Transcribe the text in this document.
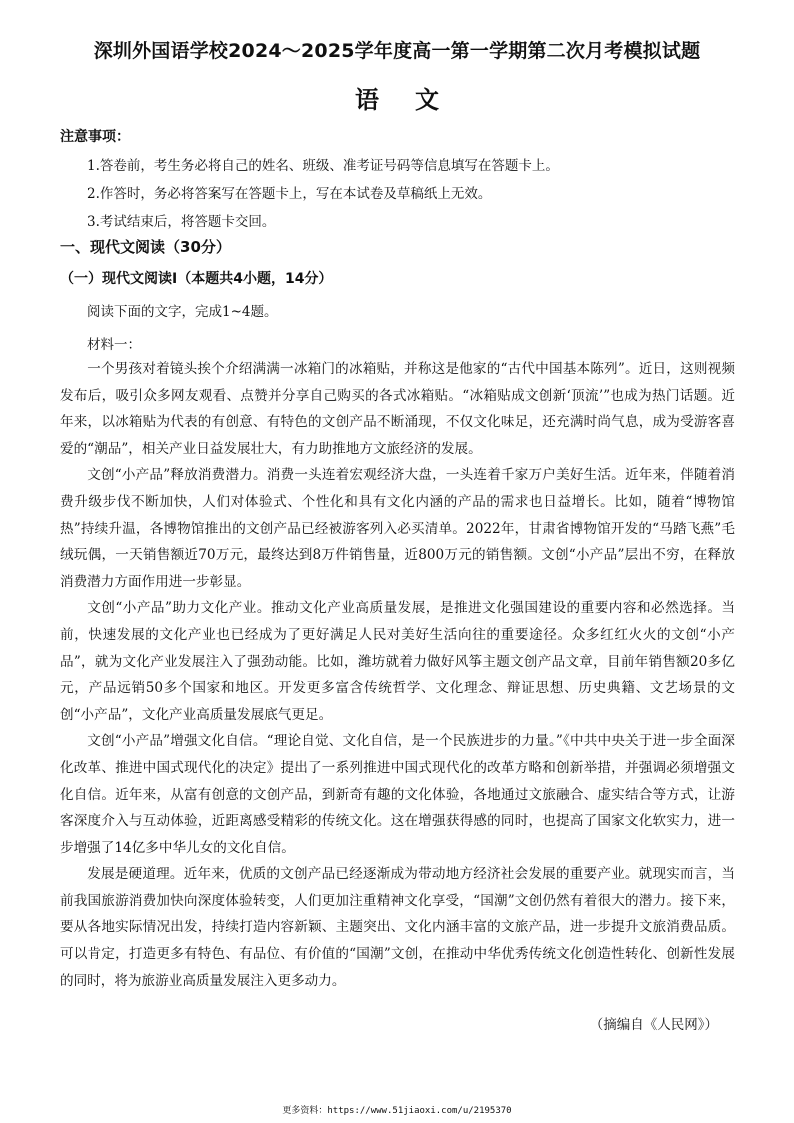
深圳外国语学校2024～2025学年度高一第一学期第二次月考模拟试题
语文
注意事项：
1.答卷前，考生务必将自己的姓名、班级、准考证号码等信息填写在答题卡上。
2.作答时，务必将答案写在答题卡上，写在本试卷及草稿纸上无效。
3.考试结束后，将答题卡交回。
一、现代文阅读（30分）
（一）现代文阅读Ⅰ（本题共4小题，14分）
阅读下面的文字，完成1~4题。
材料一：

一个男孩对着镜头挨个介绍满满一冰箱门的冰箱贴，并称这是他家的“古代中国基本陈列”。近日，这则视频发布后，吸引众多网友观看、点赞并分享自己购买的各式冰箱贴。“冰箱贴成文创新‘顶流’”也成为热门话题。近年来，以冰箱贴为代表的有创意、有特色的文创产品不断涌现，不仅文化味足，还充满时尚气息，成为受游客喜爱的“潮品”，相关产业日益发展壮大，有力助推地方文旅经济的发展。

文创“小产品”释放消费潜力。消费一头连着宏观经济大盘，一头连着千家万户美好生活。近年来，伴随着消费升级步伐不断加快，人们对体验式、个性化和具有文化内涵的产品的需求也日益增长。比如，随着“博物馆热”持续升温，各博物馆推出的文创产品已经被游客列入必买清单。2022年，甘肃省博物馆开发的“马踏飞燕”毛绒玩偶，一天销售额近70万元，最终达到8万件销售量，近800万元的销售额。文创“小产品”层出不穷，在释放消费潜力方面作用进一步彰显。

文创“小产品”助力文化产业。推动文化产业高质量发展，是推进文化强国建设的重要内容和必然选择。当前，快速发展的文化产业也已经成为了更好满足人民对美好生活向往的重要途径。众多红红火火的文创“小产品”，就为文化产业发展注入了强劲动能。比如，潍坊就着力做好风筝主题文创产品文章，目前年销售额20多亿元，产品远销50多个国家和地区。开发更多富含传统哲学、文化理念、辩证思想、历史典籍、文艺场景的文创“小产品”，文化产业高质量发展底气更足。

文创“小产品”增强文化自信。“理论自觉、文化自信，是一个民族进步的力量。”《中共中央关于进一步全面深化改革、推进中国式现代化的决定》提出了一系列推进中国式现代化的改革方略和创新举措，并强调必须增强文化自信。近年来，从富有创意的文创产品，到新奇有趣的文化体验，各地通过文旅融合、虚实结合等方式，让游客深度介入与互动体验，近距离感受精彩的传统文化。这在增强获得感的同时，也提高了国家文化软实力，进一步增强了14亿多中华儿女的文化自信。

发展是硬道理。近年来，优质的文创产品已经逐渐成为带动地方经济社会发展的重要产业。就现实而言，当前我国旅游消费加快向深度体验转变，人们更加注重精神文化享受，“国潮”文创仍然有着很大的潜力。接下来，要从各地实际情况出发，持续打造内容新颖、主题突出、文化内涵丰富的文旅产品，进一步提升文旅消费品质。可以肯定，打造更多有特色、有品位、有价值的“国潮”文创，在推动中华优秀传统文化创造性转化、创新性发展的同时，将为旅游业高质量发展注入更多动力。

（摘编自《人民网》）
更多资料：https://www.51jiaoxi.com/u/2195370
